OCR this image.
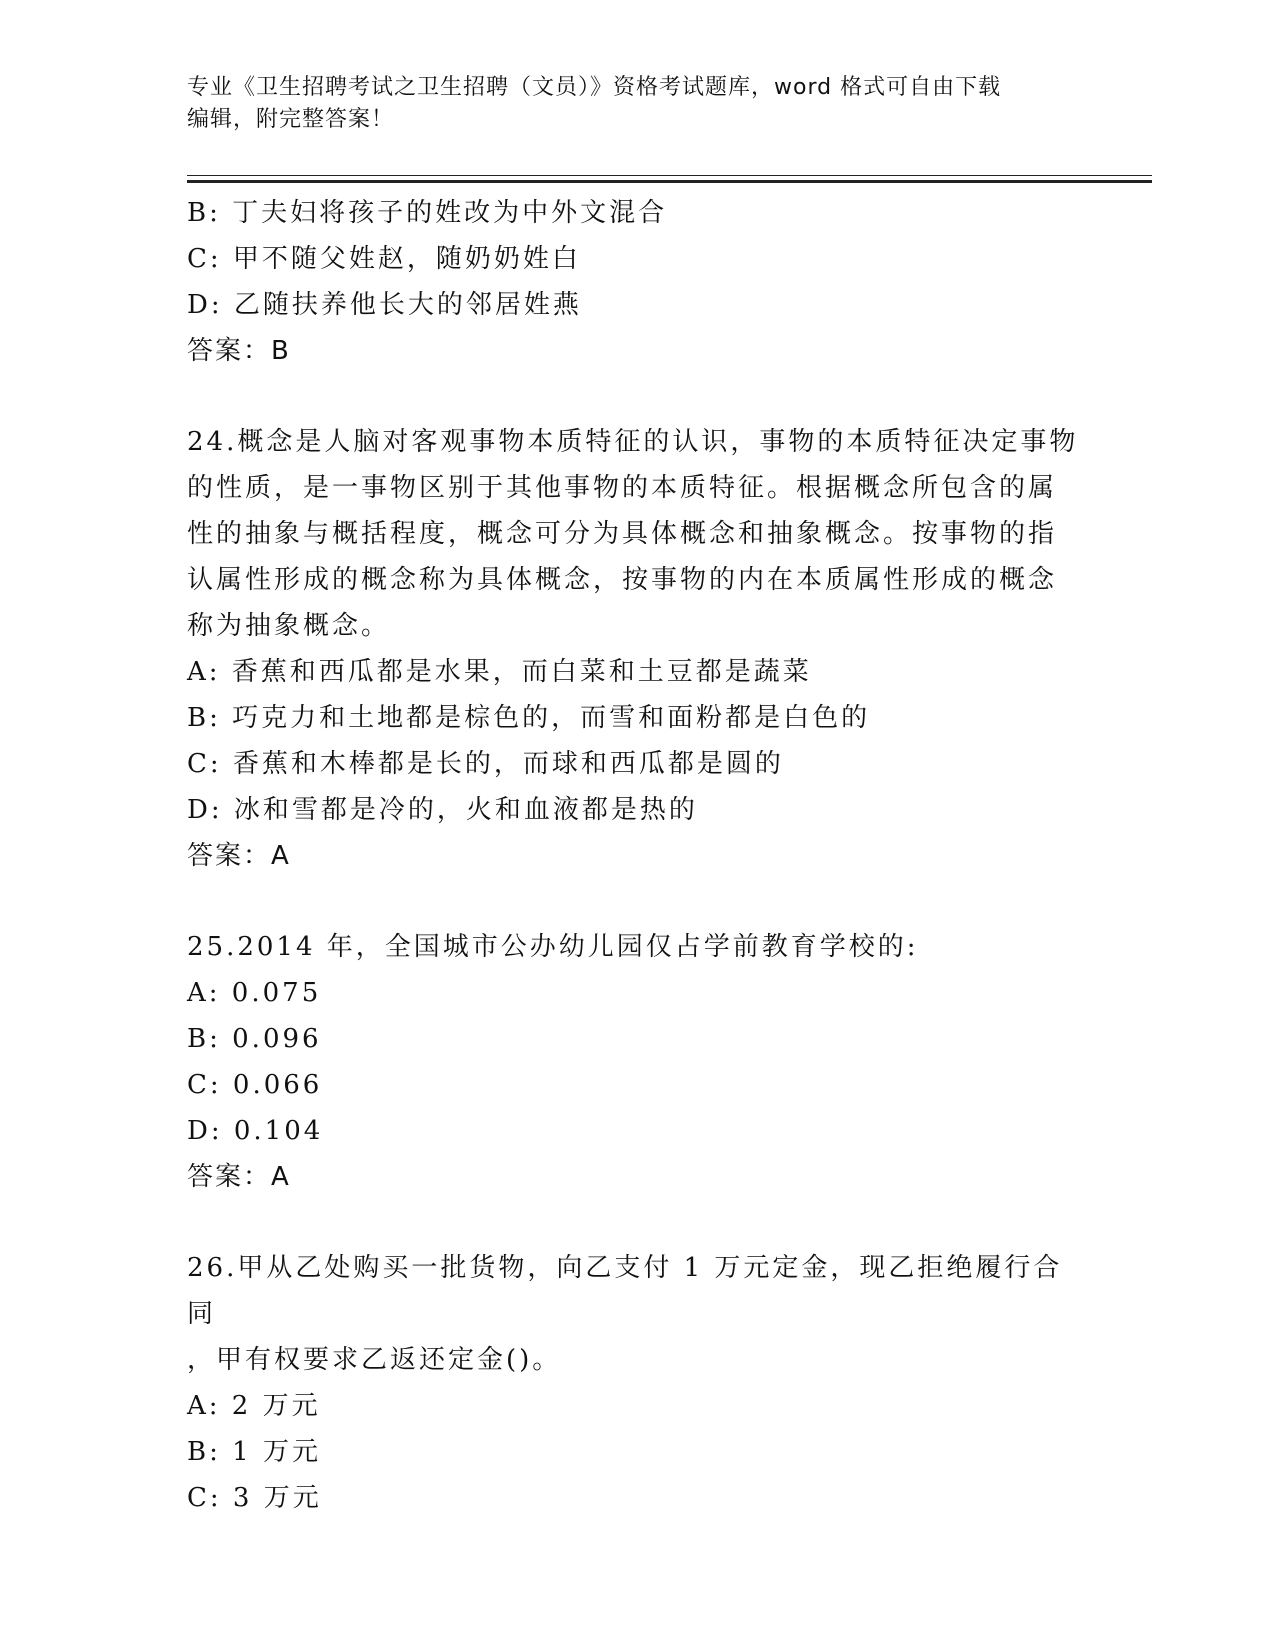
专业《卫生招聘考试之卫生招聘（文员）》资格考试题库，word 格式可自由下载
编辑，附完整答案！
B: 丁夫妇将孩子的姓改为中外文混合
C: 甲不随父姓赵，随奶奶姓白
D: 乙随扶养他长大的邻居姓燕
答案：B
24.概念是人脑对客观事物本质特征的认识，事物的本质特征决定事物
的性质，是一事物区别于其他事物的本质特征。根据概念所包含的属
性的抽象与概括程度，概念可分为具体概念和抽象概念。按事物的指
认属性形成的概念称为具体概念，按事物的内在本质属性形成的概念
称为抽象概念。
A: 香蕉和西瓜都是水果，而白菜和土豆都是蔬菜
B: 巧克力和土地都是棕色的，而雪和面粉都是白色的
C: 香蕉和木棒都是长的，而球和西瓜都是圆的
D: 冰和雪都是冷的，火和血液都是热的
答案：A
25.2014 年，全国城市公办幼儿园仅占学前教育学校的:
A: 0.075
B: 0.096
C: 0.066
D: 0.104
答案：A
26.甲从乙处购买一批货物，向乙支付 1 万元定金，现乙拒绝履行合同
，甲有权要求乙返还定金()。
A: 2 万元
B: 1 万元
C: 3 万元
